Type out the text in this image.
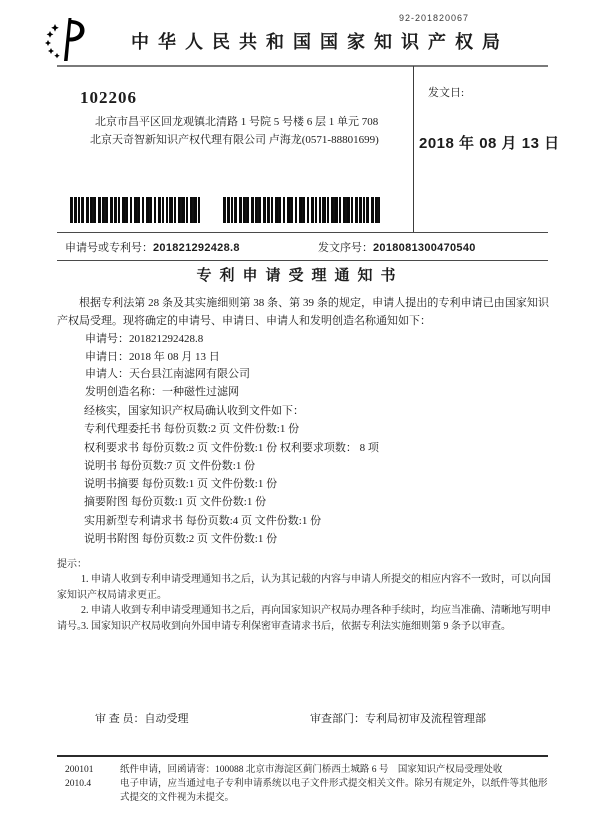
92-201820067
中华人民共和国国家知识产权局
102206
北京市昌平区回龙观镇北清路 1 号院 5 号楼 6 层 1 单元 708
北京天奇智新知识产权代理有限公司 卢海龙(0571-88801699)
发文日:
2018 年 08 月 13 日
申请号或专利号：201821292428.8	发文序号：2018081300470540
专利申请受理通知书
根据专利法第 28 条及其实施细则第 38 条、第 39 条的规定，申请人提出的专利申请已由国家知识产权局受理。现将确定的申请号、申请日、申请人和发明创造名称通知如下：
申请号：201821292428.8
申请日：2018 年 08 月 13 日
申请人：天台县江南滤网有限公司
发明创造名称：一种磁性过滤网
经核实，国家知识产权局确认收到文件如下：
专利代理委托书 每份页数:2 页 文件份数:1 份
权利要求书 每份页数:2 页 文件份数:1 份 权利要求项数： 8 项
说明书 每份页数:7 页 文件份数:1 份
说明书摘要 每份页数:1 页 文件份数:1 份
摘要附图 每份页数:1 页 文件份数:1 份
实用新型专利请求书 每份页数:4 页 文件份数:1 份
说明书附图 每份页数:2 页 文件份数:1 份
提示：
1. 申请人收到专利申请受理通知书之后，认为其记载的内容与申请人所提交的相应内容不一致时，可以向国家知识产权局请求更正。
2. 申请人收到专利申请受理通知书之后，再向国家知识产权局办理各种手续时，均应当准确、清晰地写明申请号。
3. 国家知识产权局收到向外国申请专利保密审查请求书后，依据专利法实施细则第 9 条予以审查。
审 查 员：自动受理	审查部门：专利局初审及流程管理部
200101	纸件申请，回函请寄：100088 北京市海淀区蓟门桥西土城路 6 号　国家知识产权局受理处收
2010.4	电子申请，应当通过电子专利申请系统以电子文件形式提交相关文件。除另有规定外，以纸件等其他形式提交的文件视为未提交。
